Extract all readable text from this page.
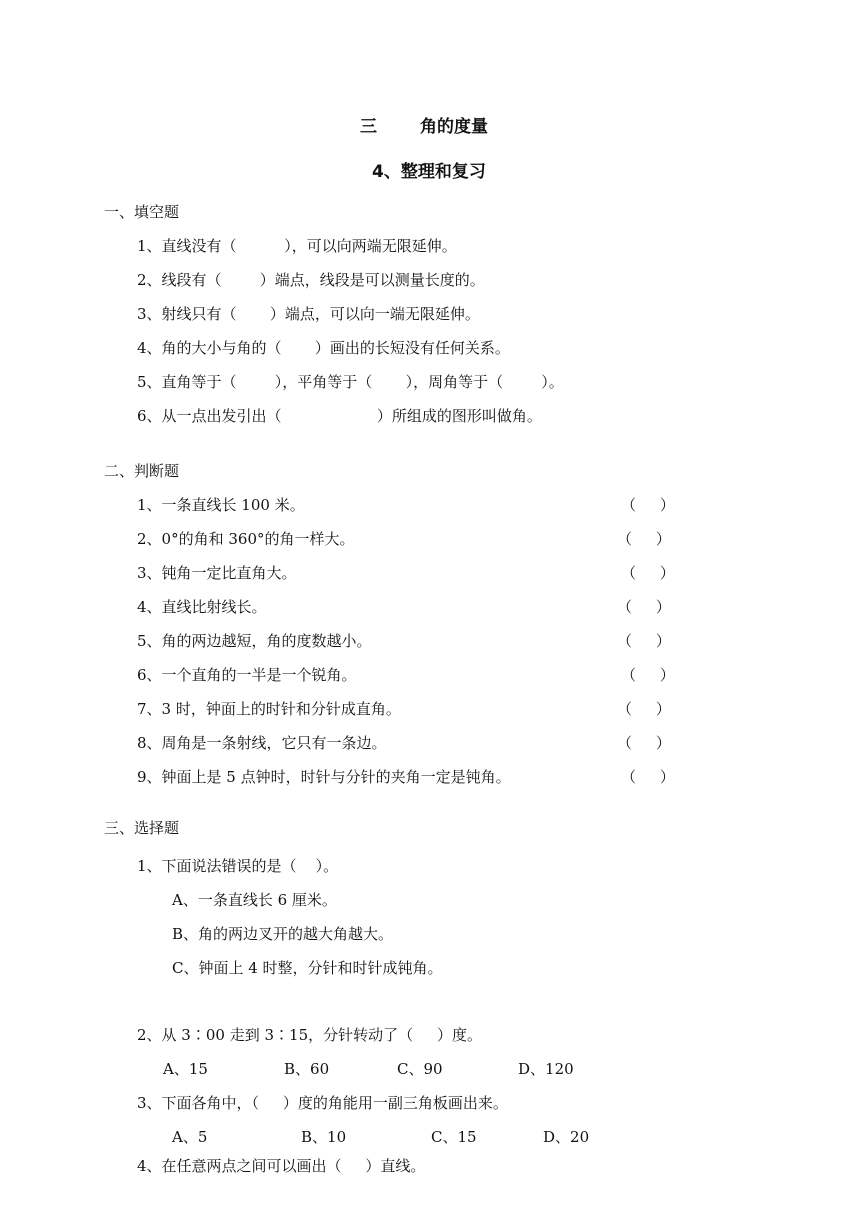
三	角的度量
4、整理和复习
一、填空题
1、直线没有（          ），可以向两端无限延伸。
2、线段有（        ）端点，线段是可以测量长度的。
3、射线只有（       ）端点，可以向一端无限延伸。
4、角的大小与角的（       ）画出的长短没有任何关系。
5、直角等于（        ），平角等于（       ），周角等于（        ）。
6、从一点出发引出（                    ）所组成的图形叫做角。
二、判断题
1、一条直线长 100 米。	（     ）
2、0°的角和 360°的角一样大。	（     ）
3、钝角一定比直角大。	（     ）
4、直线比射线长。	（     ）
5、角的两边越短，角的度数越小。	（     ）
6、一个直角的一半是一个锐角。	（     ）
7、3 时，钟面上的时针和分针成直角。	（     ）
8、周角是一条射线，它只有一条边。	（     ）
9、钟面上是 5 点钟时，时针与分针的夹角一定是钝角。	（     ）
三、选择题
1、下面说法错误的是（    ）。
A、一条直线长 6 厘米。
B、角的两边叉开的越大角越大。
C、钟面上 4 时整，分针和时针成钝角。
2、从 3∶00 走到 3∶15，分针转动了（     ）度。
A、15	B、60	C、90	D、120
3、下面各角中，（     ）度的角能用一副三角板画出来。
A、5	B、10	C、15	D、20
4、在任意两点之间可以画出（     ）直线。
